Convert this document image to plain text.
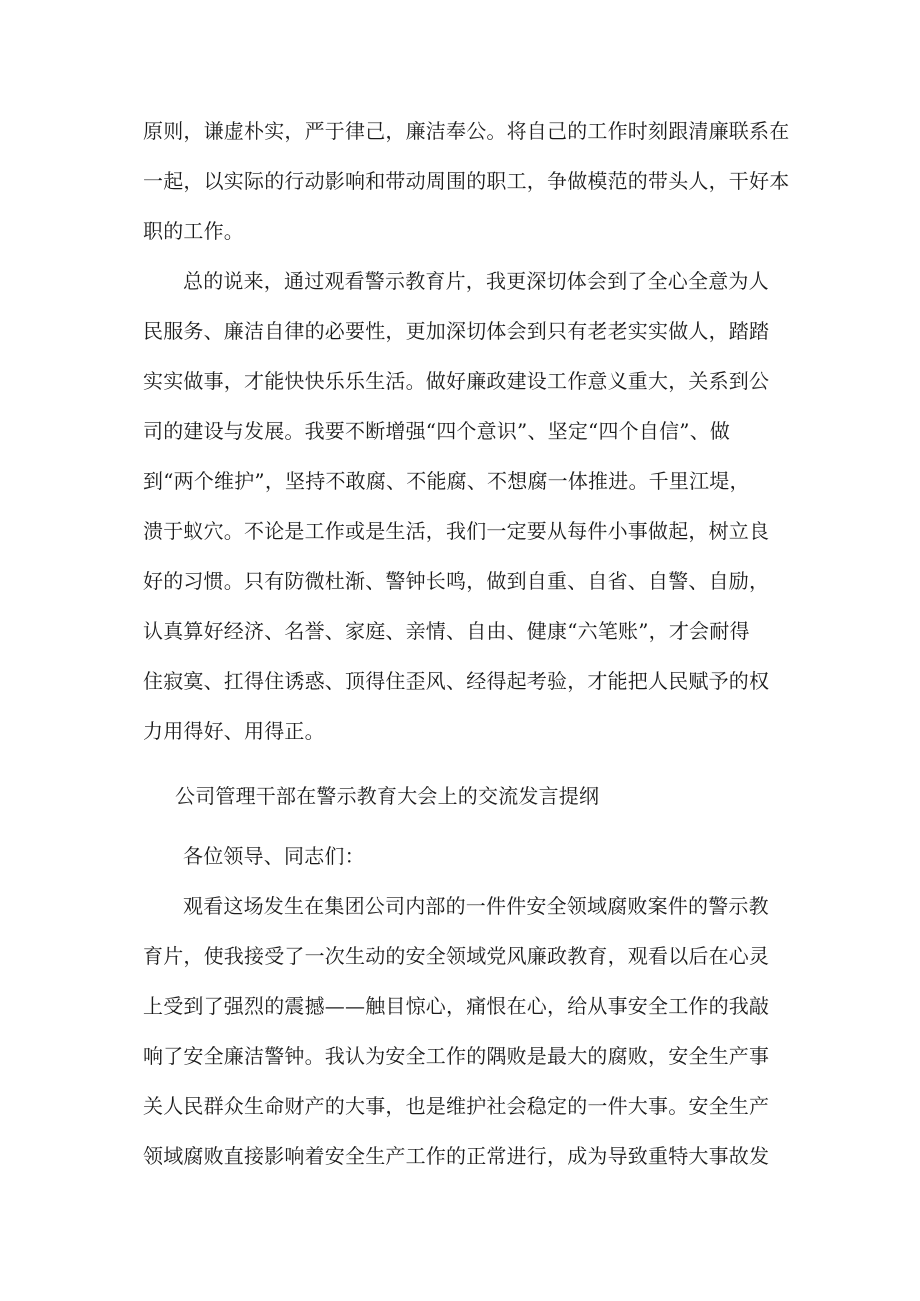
原则，谦虚朴实，严于律己，廉洁奉公。将自己的工作时刻跟清廉联系在
一起，以实际的行动影响和带动周围的职工，争做模范的带头人，干好本
职的工作。
总的说来，通过观看警示教育片，我更深切体会到了全心全意为人
民服务、廉洁自律的必要性，更加深切体会到只有老老实实做人，踏踏
实实做事，才能快快乐乐生活。做好廉政建设工作意义重大，关系到公
司的建设与发展。我要不断增强“四个意识”、坚定“四个自信”、做
到“两个维护”，坚持不敢腐、不能腐、不想腐一体推进。千里江堤，
溃于蚁穴。不论是工作或是生活，我们一定要从每件小事做起，树立良
好的习惯。只有防微杜渐、警钟长鸣，做到自重、自省、自警、自励，
认真算好经济、名誉、家庭、亲情、自由、健康“六笔账”，才会耐得
住寂寞、扛得住诱惑、顶得住歪风、经得起考验，才能把人民赋予的权
力用得好、用得正。
公司管理干部在警示教育大会上的交流发言提纲
各位领导、同志们：
观看这场发生在集团公司内部的一件件安全领域腐败案件的警示教
育片，使我接受了一次生动的安全领域党风廉政教育，观看以后在心灵
上受到了强烈的震撼——触目惊心，痛恨在心，给从事安全工作的我敲
响了安全廉洁警钟。我认为安全工作的隅败是最大的腐败，安全生产事
关人民群众生命财产的大事，也是维护社会稳定的一件大事。安全生产
领域腐败直接影响着安全生产工作的正常进行，成为导致重特大事故发
